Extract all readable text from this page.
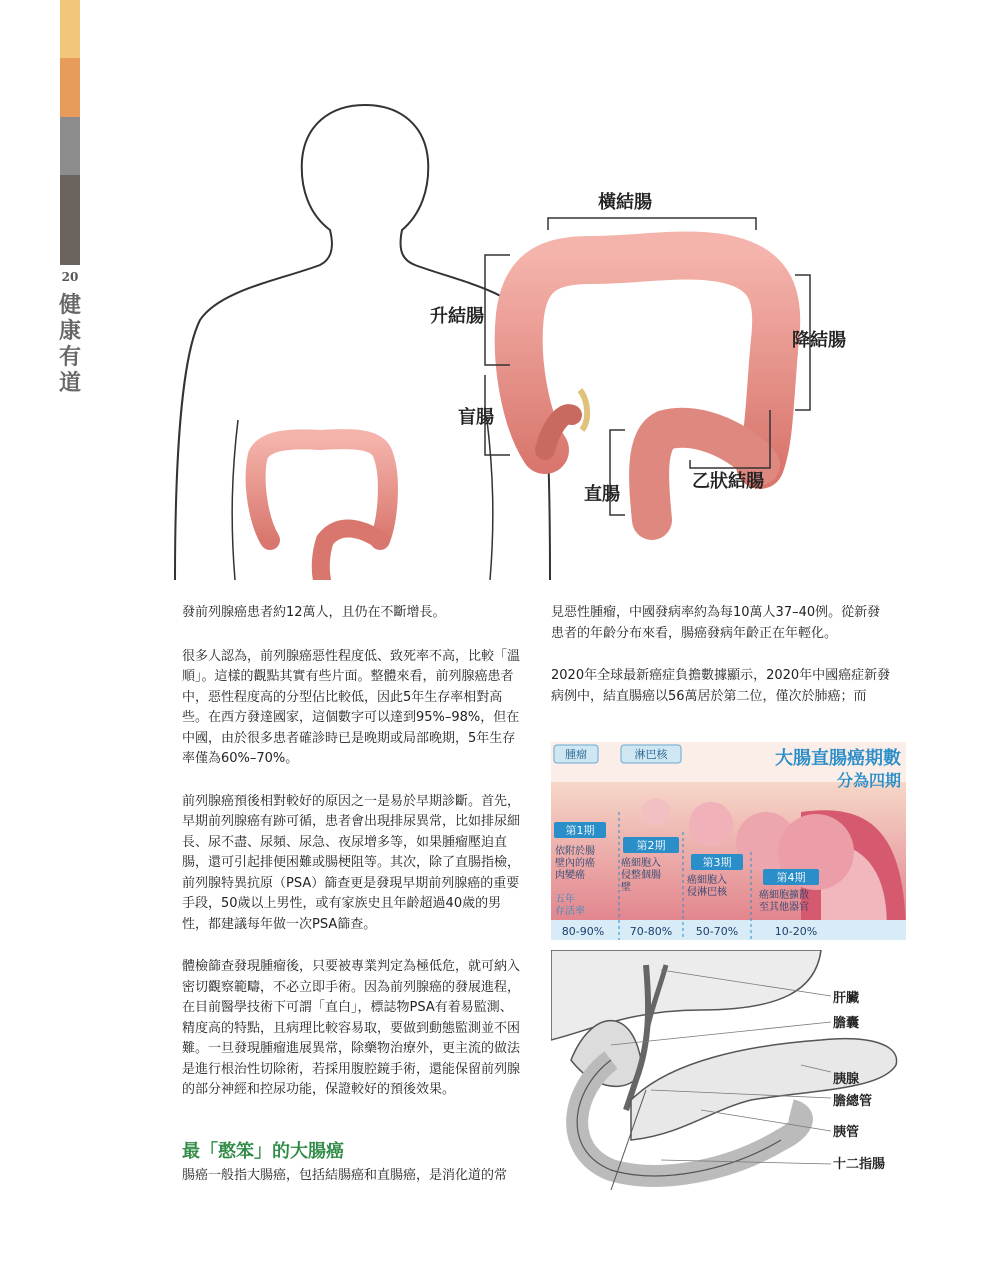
20
健
康
有
道
橫結腸
升結腸
降結腸
盲腸
乙狀結腸
直腸

發前列腺癌患者約12萬人，且仍在不斷增長。

很多人認為，前列腺癌惡性程度低、致死率不高，比較「溫順」。這樣的觀點其實有些片面。整體來看，前列腺癌患者中，惡性程度高的分型佔比較低，因此5年生存率相對高些。在西方發達國家，這個數字可以達到95%–98%，但在中國，由於很多患者確診時已是晚期或局部晚期，5年生存率僅為60%–70%。

前列腺癌預後相對較好的原因之一是易於早期診斷。首先，早期前列腺癌有跡可循，患者會出現排尿異常，比如排尿細長、尿不盡、尿頻、尿急、夜尿增多等，如果腫瘤壓迫直腸，還可引起排便困難或腸梗阻等。其次，除了直腸指檢，前列腺特異抗原（PSA）篩查更是發現早期前列腺癌的重要手段，50歲以上男性，或有家族史且年齡超過40歲的男性，都建議每年做一次PSA篩查。

體檢篩查發現腫瘤後，只要被專業判定為極低危，就可納入密切觀察範疇，不必立即手術。因為前列腺癌的發展進程，在目前醫學技術下可謂「直白」，標誌物PSA有着易監測、精度高的特點，且病理比較容易取，要做到動態監測並不困難。一旦發現腫瘤進展異常，除藥物治療外，更主流的做法是進行根治性切除術，若採用腹腔鏡手術，還能保留前列腺的部分神經和控尿功能，保證較好的預後效果。

最「憨笨」的大腸癌
腸癌一般指大腸癌，包括結腸癌和直腸癌，是消化道的常

見惡性腫瘤，中國發病率約為每10萬人37–40例。從新發患者的年齡分布來看，腸癌發病年齡正在年輕化。

2020年全球最新癌症負擔數據顯示，2020年中國癌症新發病例中，結直腸癌以56萬居於第二位，僅次於肺癌；而

腫瘤	淋巴核	大腸直腸癌期數
分為四期
第1期
依附於腸
壁內的癌
肉變癌
第2期
癌細胞入
侵整個腸
壁
第3期
癌細胞入
侵淋巴核
第4期
癌細胞擴散
至其他器官
五年
存活率
80-90% 70-80% 50-70%	10-20%
肝臟
膽囊
胰腺
膽總管
胰管
十二指腸
